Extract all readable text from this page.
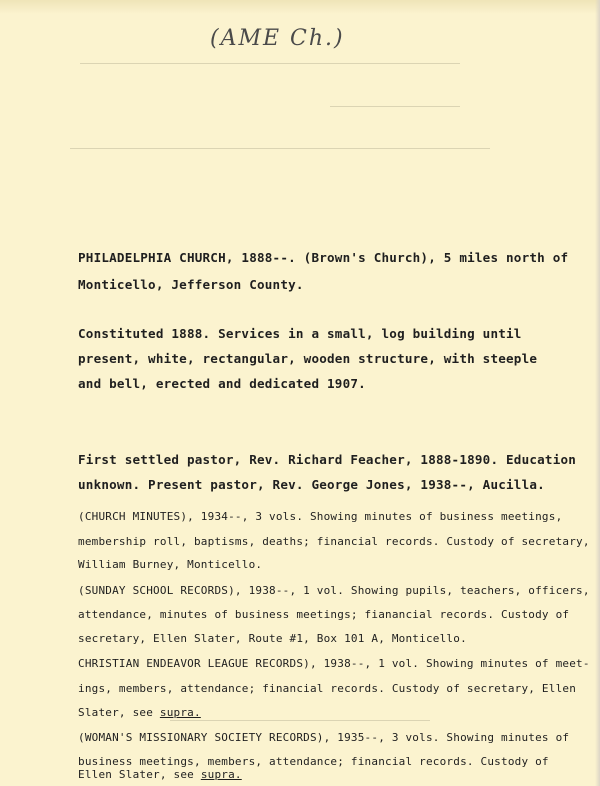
(AME Ch.)
PHILADELPHIA CHURCH, 1888--. (Brown's Church), 5 miles north of
Monticello, Jefferson County.
Constituted 1888. Services in a small, log building until
present, white, rectangular, wooden structure, with steeple
and bell, erected and dedicated 1907.
First settled pastor, Rev. Richard Feacher, 1888-1890. Education
unknown. Present pastor, Rev. George Jones, 1938--, Aucilla.
(CHURCH MINUTES), 1934--, 3 vols. Showing minutes of business meetings,
membership roll, baptisms, deaths; financial records. Custody of secretary,
William Burney, Monticello.
(SUNDAY SCHOOL RECORDS), 1938--, 1 vol. Showing pupils, teachers, officers,
attendance, minutes of business meetings; fianancial records. Custody of
secretary, Ellen Slater, Route #1, Box 101 A, Monticello.
CHRISTIAN ENDEAVOR LEAGUE RECORDS), 1938--, 1 vol. Showing minutes of meet-
ings, members, attendance; financial records. Custody of secretary, Ellen
Slater, see supra.
(WOMAN'S MISSIONARY SOCIETY RECORDS), 1935--, 3 vols. Showing minutes of
business meetings, members, attendance; financial records. Custody of
Ellen Slater, see supra.
